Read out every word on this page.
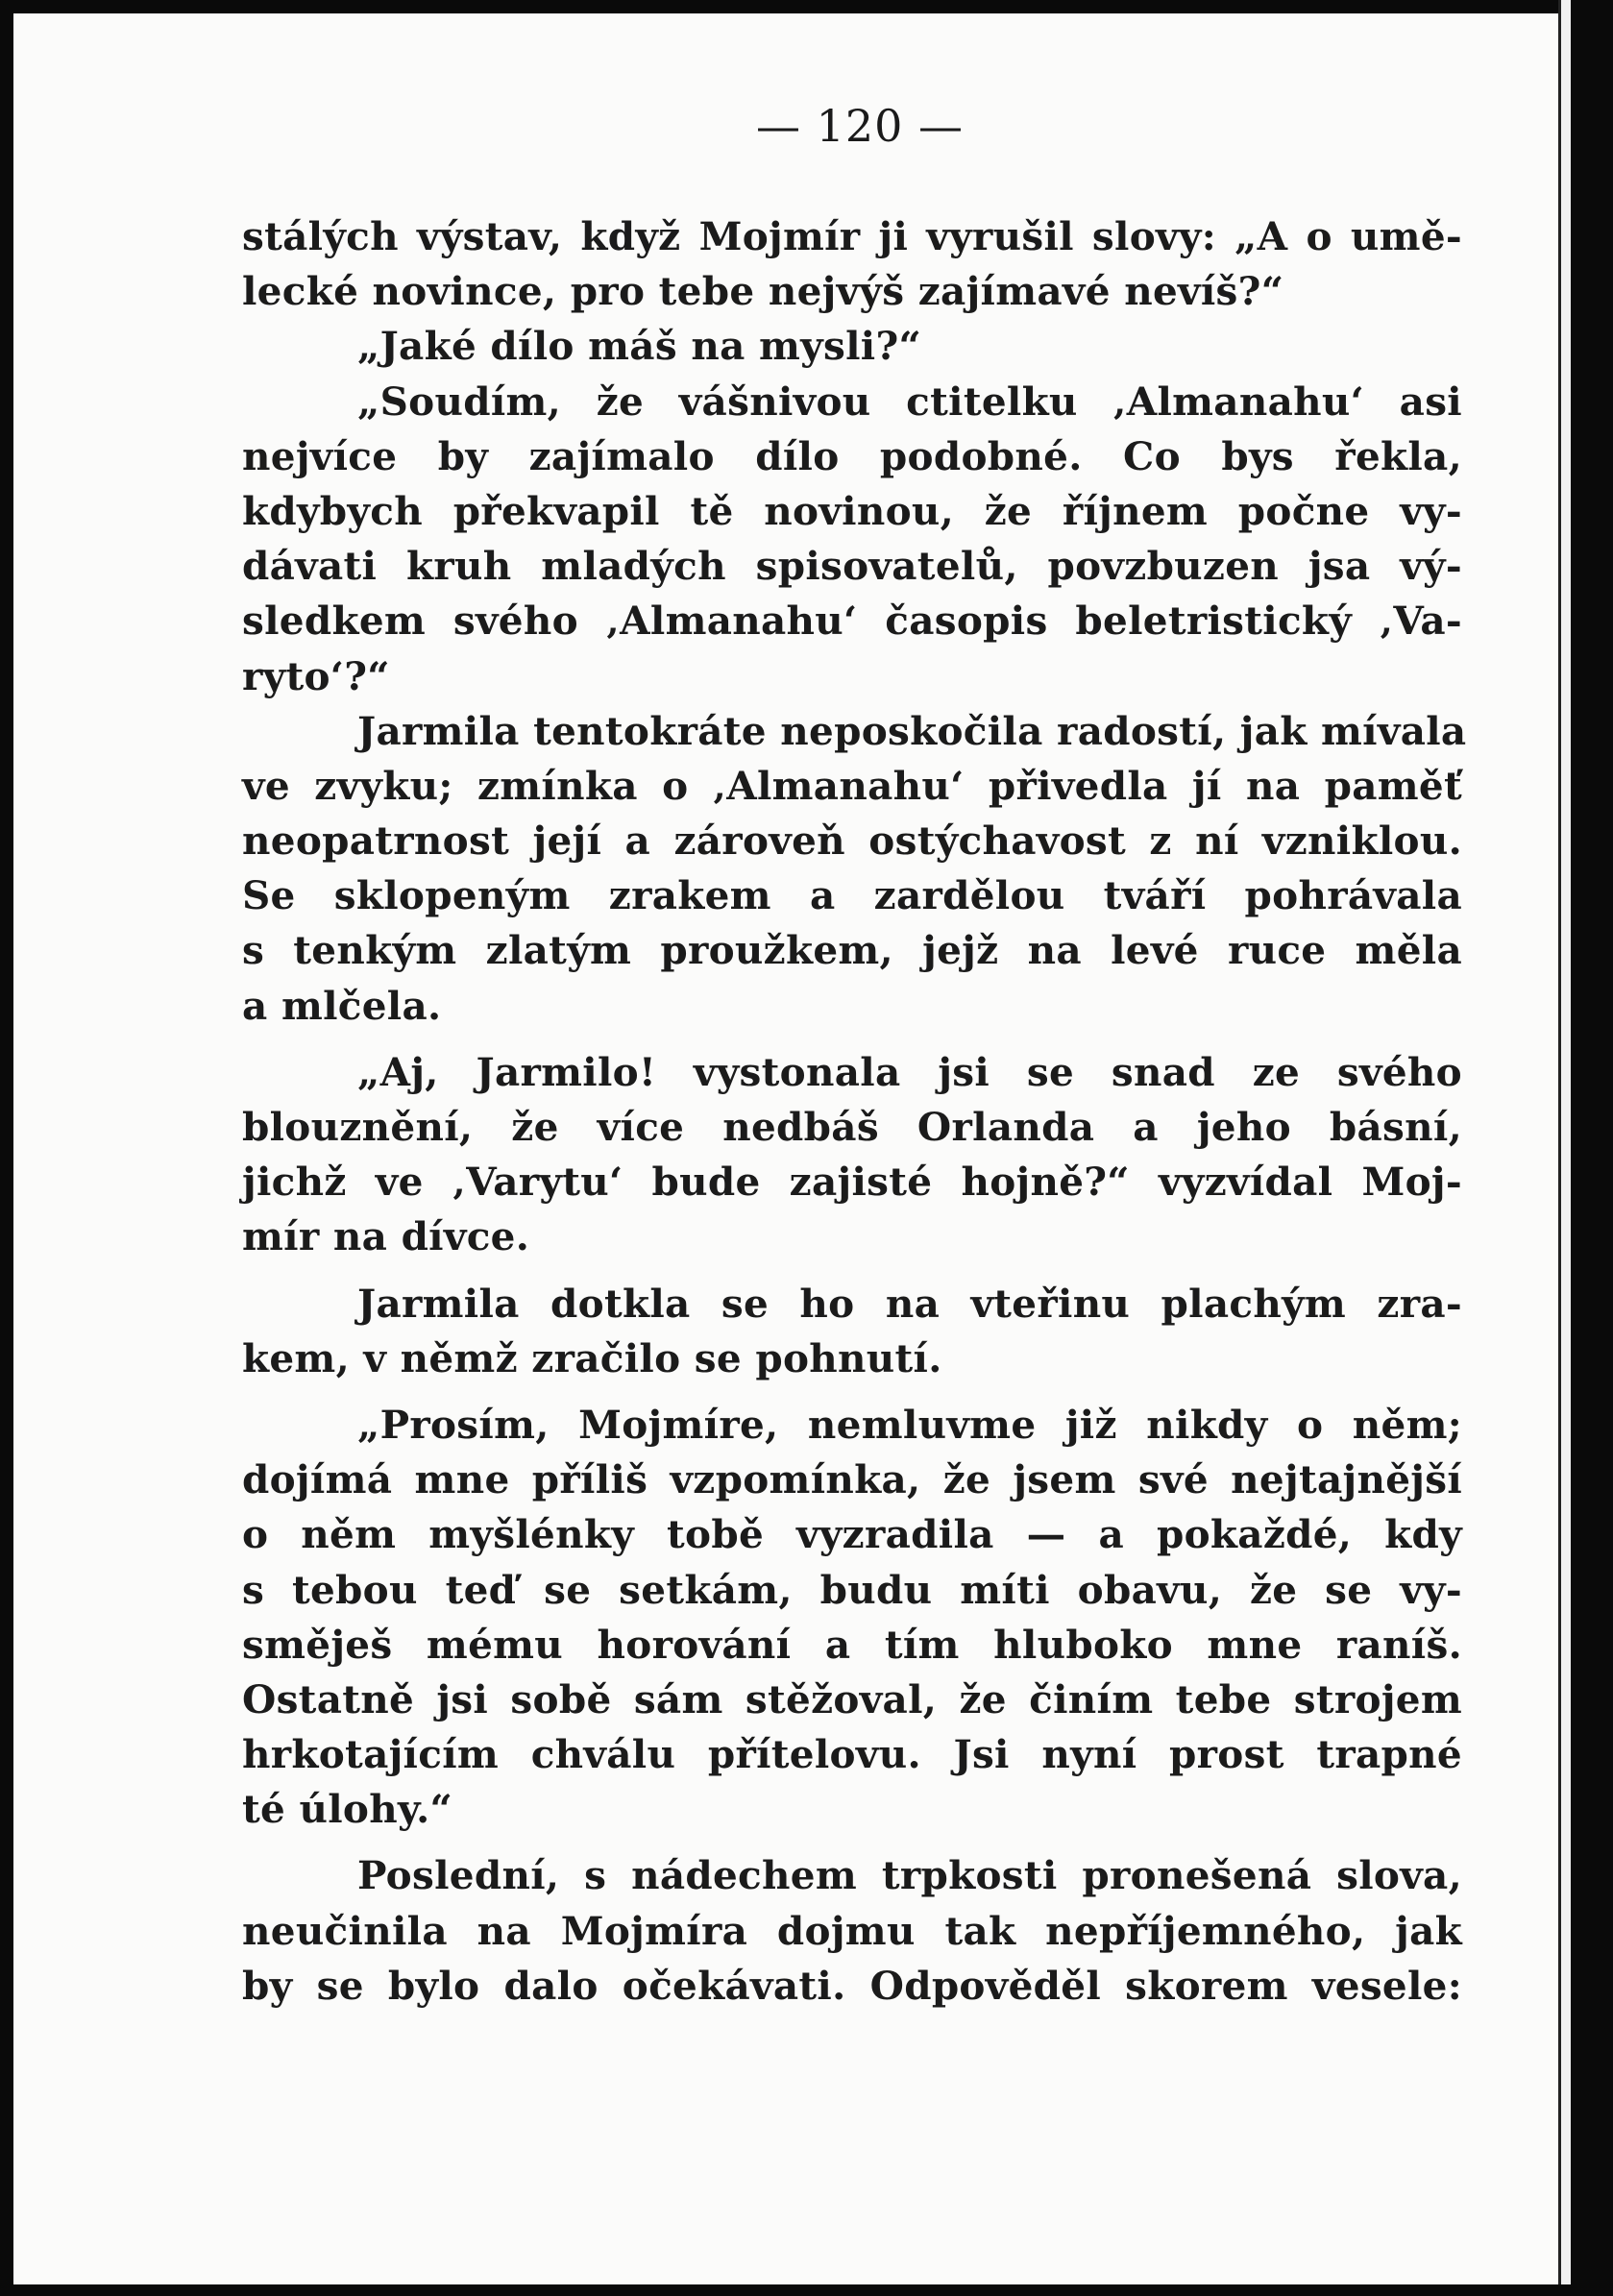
— 120 —
stálých výstav, když Mojmír ji vyrušil slovy: „A o umě-
lecké novince, pro tebe nejvýš zajímavé nevíš?“
„Jaké dílo máš na mysli?“
„Soudím, že vášnivou ctitelku ‚Almanahu‘ asi
nejvíce by zajímalo dílo podobné. Co bys řekla,
kdybych překvapil tě novinou, že říjnem počne vy-
dávati kruh mladých spisovatelů, povzbuzen jsa vý-
sledkem svého ‚Almanahu‘ časopis beletristický ‚Va-
ryto‘?“
Jarmila tentokráte neposkočila radostí, jak mívala
ve zvyku; zmínka o ‚Almanahu‘ přivedla jí na paměť
neopatrnost její a zároveň ostýchavost z ní vzniklou.
Se sklopeným zrakem a zardělou tváří pohrávala
s tenkým zlatým proužkem, jejž na levé ruce měla
a mlčela.
„Aj, Jarmilo! vystonala jsi se snad ze svého
blouznění, že více nedbáš Orlanda a jeho básní,
jichž ve ‚Varytu‘ bude zajisté hojně?“ vyzvídal Moj-
mír na dívce.
Jarmila dotkla se ho na vteřinu plachým zra-
kem, v němž zračilo se pohnutí.
„Prosím, Mojmíre, nemluvme již nikdy o něm;
dojímá mne příliš vzpomínka, že jsem své nejtajnější
o něm myšlénky tobě vyzradila — a pokaždé, kdy
s tebou teď se setkám, budu míti obavu, že se vy-
směješ mému horování a tím hluboko mne raníš.
Ostatně jsi sobě sám stěžoval, že činím tebe strojem
hrkotajícím chválu přítelovu. Jsi nyní prost trapné
té úlohy.“
Poslední, s nádechem trpkosti pronešená slova,
neučinila na Mojmíra dojmu tak nepříjemného, jak
by se bylo dalo očekávati. Odpověděl skorem vesele:
